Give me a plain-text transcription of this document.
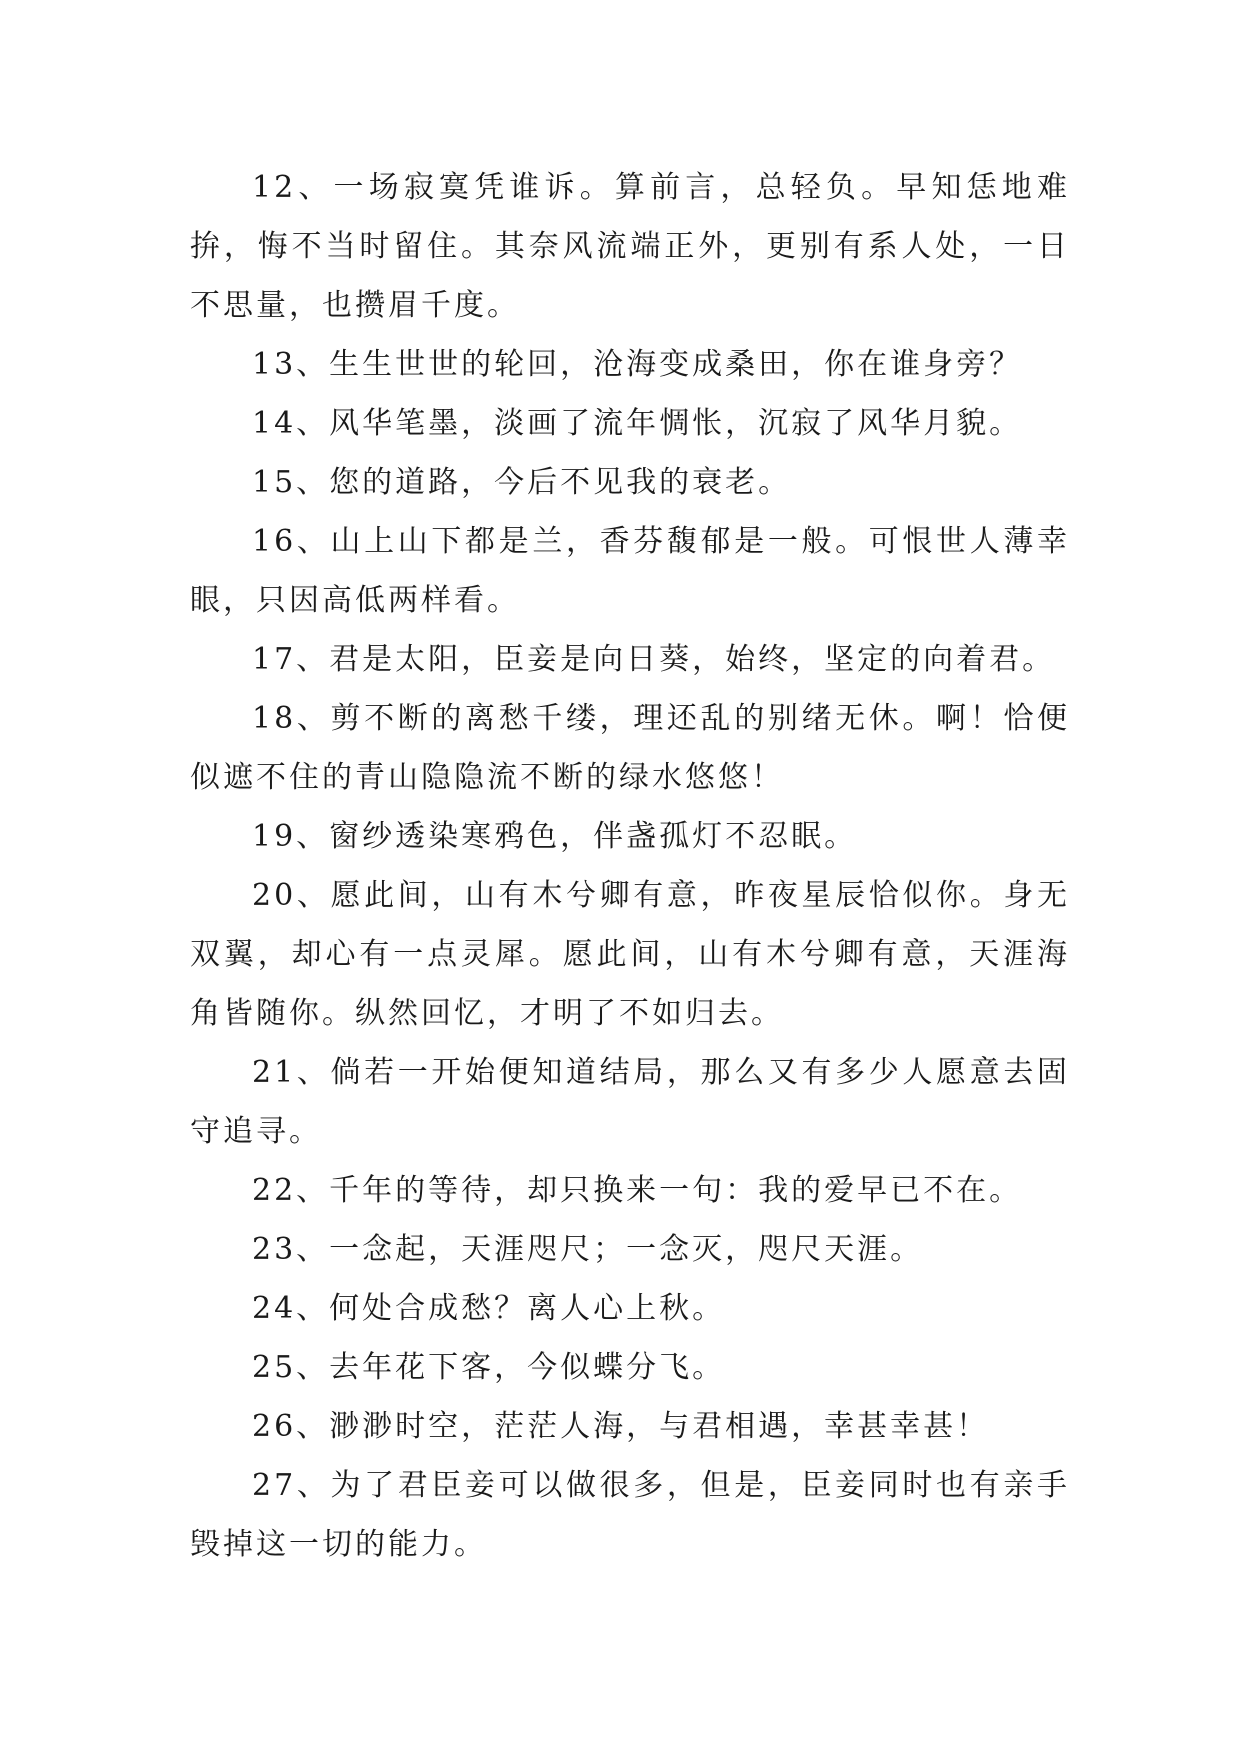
12、一场寂寞凭谁诉。算前言，总轻负。早知恁地难拚，悔不当时留住。其奈风流端正外，更别有系人处，一日不思量，也攒眉千度。

13、生生世世的轮回，沧海变成桑田，你在谁身旁？

14、风华笔墨，淡画了流年惆怅，沉寂了风华月貌。

15、您的道路，今后不见我的衰老。

16、山上山下都是兰，香芬馥郁是一般。可恨世人薄幸眼，只因高低两样看。

17、君是太阳，臣妾是向日葵，始终，坚定的向着君。

18、剪不断的离愁千缕，理还乱的别绪无休。啊！恰便似遮不住的青山隐隐流不断的绿水悠悠！

19、窗纱透染寒鸦色，伴盏孤灯不忍眠。

20、愿此间，山有木兮卿有意，昨夜星辰恰似你。身无双翼，却心有一点灵犀。愿此间，山有木兮卿有意，天涯海角皆随你。纵然回忆，才明了不如归去。

21、倘若一开始便知道结局，那么又有多少人愿意去固守追寻。

22、千年的等待，却只换来一句：我的爱早已不在。

23、一念起，天涯咫尺；一念灭，咫尺天涯。

24、何处合成愁？离人心上秋。

25、去年花下客，今似蝶分飞。

26、渺渺时空，茫茫人海，与君相遇，幸甚幸甚！

27、为了君臣妾可以做很多，但是，臣妾同时也有亲手毁掉这一切的能力。
